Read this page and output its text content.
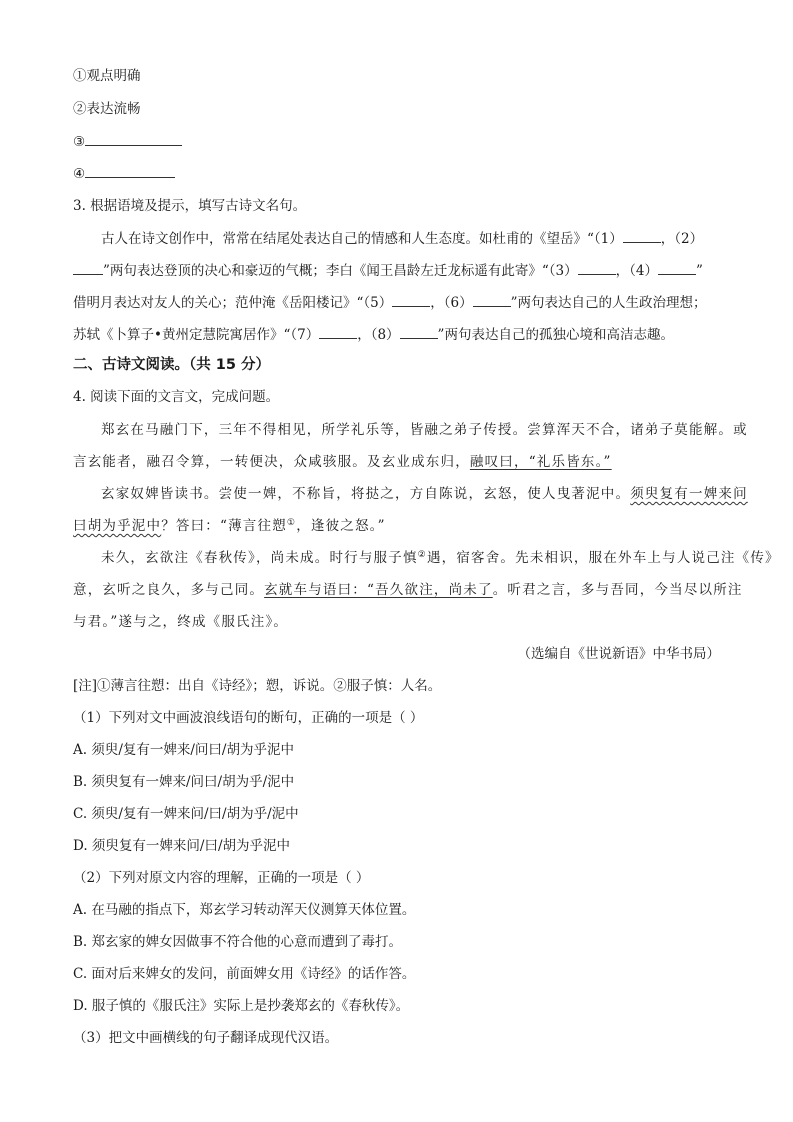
①观点明确
②表达流畅
③
④
3. 根据语境及提示，填写古诗文名句。
古人在诗文创作中，常常在结尾处表达自己的情感和人生态度。如杜甫的《望岳》“（1）	，（2）
”两句表达登顶的决心和豪迈的气概；李白《闻王昌龄左迁龙标遥有此寄》“（3）	，（4）	”
借明月表达对友人的关心；范仲淹《岳阳楼记》“（5）	，（6）	”两句表达自己的人生政治理想；
苏轼《卜算子•黄州定慧院寓居作》“（7）	，（8）	”两句表达自己的孤独心境和高洁志趣。
二、古诗文阅读。（共 15 分）
4. 阅读下面的文言文，完成问题。
郑玄在马融门下，三年不得相见，所学礼乐等，皆融之弟子传授。尝算浑天不合，诸弟子莫能解。或
言玄能者，融召令算，一转便决，众咸骇服。及玄业成东归，融叹曰，“礼乐皆东。”
玄家奴婢皆读书。尝使一婢，不称旨，将挞之，方自陈说，玄怒，使人曳著泥中。须臾复有一婢来问
曰胡为乎泥中？答曰：“薄言往愬①，逢彼之怒。”
未久，玄欲注《春秋传》，尚未成。时行与服子慎②遇，宿客舍。先未相识，服在外车上与人说己注《传》
意，玄听之良久，多与己同。玄就车与语曰：“吾久欲注，尚未了。听君之言，多与吾同，今当尽以所注
与君。”遂与之，终成《服氏注》。
（选编自《世说新语》中华书局）
[注]①薄言往愬：出自《诗经》；愬，诉说。②服子慎：人名。
（1）下列对文中画波浪线语句的断句，正确的一项是（ ）
A. 须臾/复有一婢来/问曰/胡为乎泥中
B. 须臾复有一婢来/问曰/胡为乎/泥中
C. 须臾/复有一婢来问/曰/胡为乎/泥中
D. 须臾复有一婢来问/曰/胡为乎泥中
（2）下列对原文内容的理解，正确的一项是（ ）
A. 在马融的指点下，郑玄学习转动浑天仪测算天体位置。
B. 郑玄家的婢女因做事不符合他的心意而遭到了毒打。
C. 面对后来婢女的发问，前面婢女用《诗经》的话作答。
D. 服子慎的《服氏注》实际上是抄袭郑玄的《春秋传》。
（3）把文中画横线的句子翻译成现代汉语。
